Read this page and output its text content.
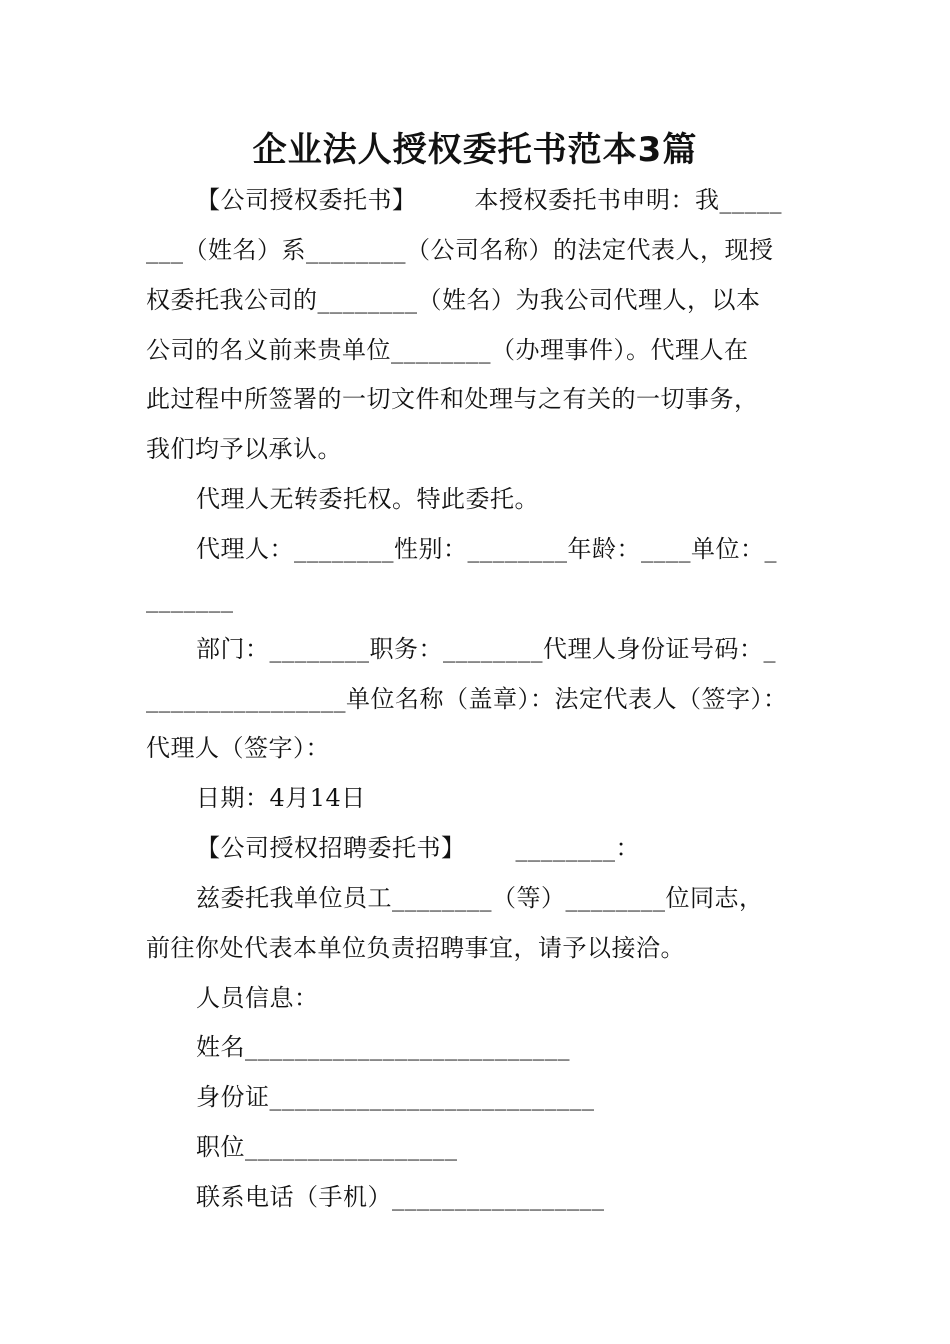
企业法人授权委托书范本3篇
【公司授权委托书】 本授权委托书申明：我_____
___（姓名）系________（公司名称）的法定代表人，现授
权委托我公司的________（姓名）为我公司代理人，以本
公司的名义前来贵单位________（办理事件）。代理人在
此过程中所签署的一切文件和处理与之有关的一切事务，
我们均予以承认。
代理人无转委托权。特此委托。
代理人：________性别：________年龄：____单位：_
_______
部门：________职务：________代理人身份证号码：_
________________单位名称（盖章）：法定代表人（签字）：
代理人（签字）：
日期：4月14日
【公司授权招聘委托书】 ________：
兹委托我单位员工________（等）________位同志，
前往你处代表本单位负责招聘事宜，请予以接洽。
人员信息：
姓名__________________________
身份证__________________________
职位_________________
联系电话（手机）_________________
